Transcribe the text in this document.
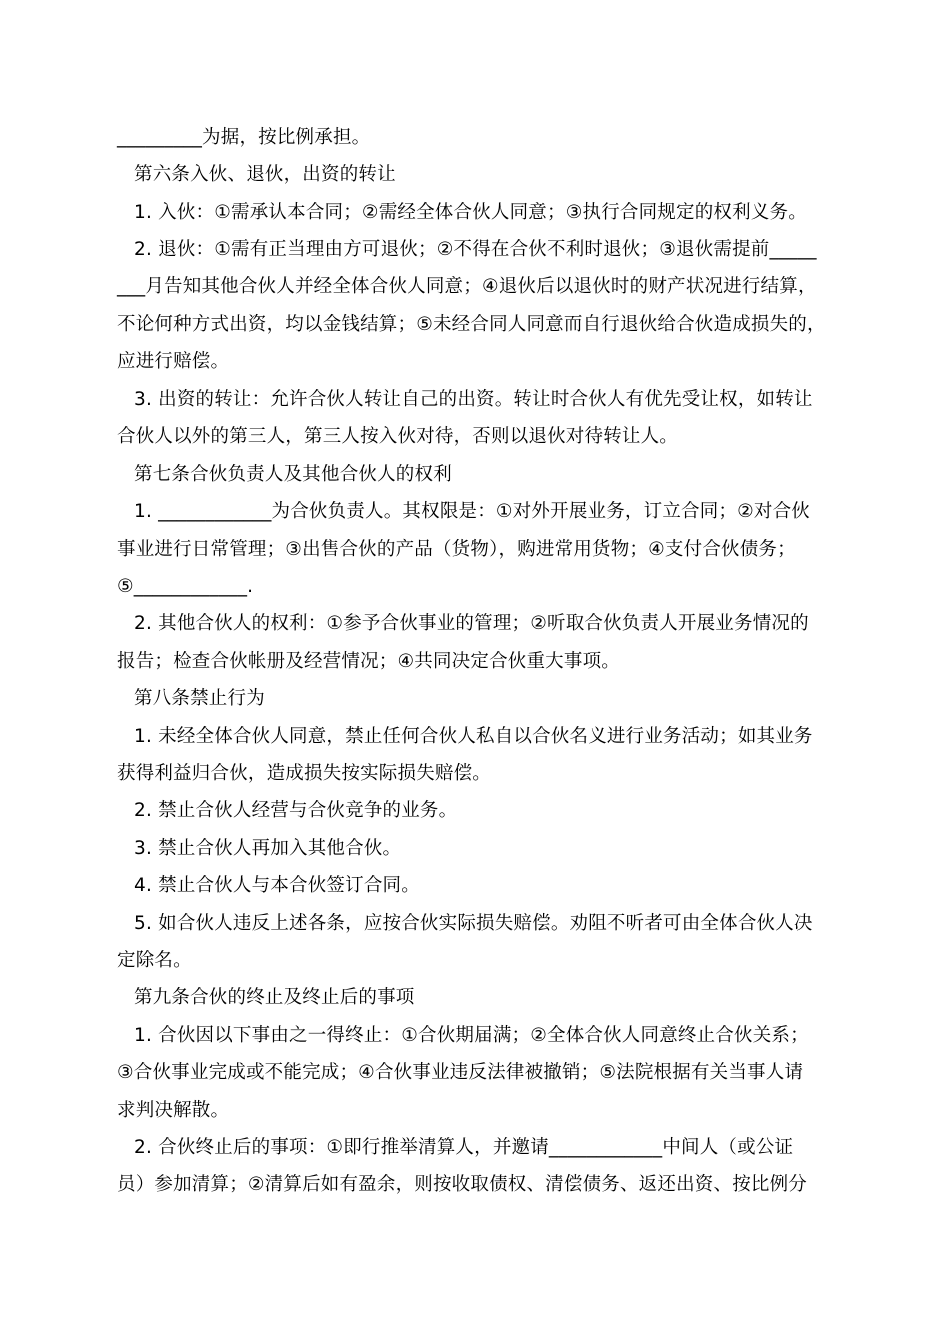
_________为据，按比例承担。
第六条入伙、退伙，出资的转让
1. 入伙：①需承认本合同；②需经全体合伙人同意；③执行合同规定的权利义务。
2. 退伙：①需有正当理由方可退伙；②不得在合伙不利时退伙；③退伙需提前_____
___月告知其他合伙人并经全体合伙人同意；④退伙后以退伙时的财产状况进行结算，
不论何种方式出资，均以金钱结算；⑤未经合同人同意而自行退伙给合伙造成损失的，
应进行赔偿。
3. 出资的转让：允许合伙人转让自己的出资。转让时合伙人有优先受让权，如转让
合伙人以外的第三人，第三人按入伙对待，否则以退伙对待转让人。
第七条合伙负责人及其他合伙人的权利
1. ____________为合伙负责人。其权限是：①对外开展业务，订立合同；②对合伙
事业进行日常管理；③出售合伙的产品（货物），购进常用货物；④支付合伙债务；
⑤____________.
2. 其他合伙人的权利：①参予合伙事业的管理；②听取合伙负责人开展业务情况的
报告；检查合伙帐册及经营情况；④共同决定合伙重大事项。
第八条禁止行为
1. 未经全体合伙人同意，禁止任何合伙人私自以合伙名义进行业务活动；如其业务
获得利益归合伙，造成损失按实际损失赔偿。
2. 禁止合伙人经营与合伙竞争的业务。
3. 禁止合伙人再加入其他合伙。
4. 禁止合伙人与本合伙签订合同。
5. 如合伙人违反上述各条，应按合伙实际损失赔偿。劝阻不听者可由全体合伙人决
定除名。
第九条合伙的终止及终止后的事项
1. 合伙因以下事由之一得终止：①合伙期届满；②全体合伙人同意终止合伙关系；
③合伙事业完成或不能完成；④合伙事业违反法律被撤销；⑤法院根据有关当事人请
求判决解散。
2. 合伙终止后的事项：①即行推举清算人，并邀请____________中间人（或公证
员）参加清算；②清算后如有盈余，则按收取债权、清偿债务、返还出资、按比例分
